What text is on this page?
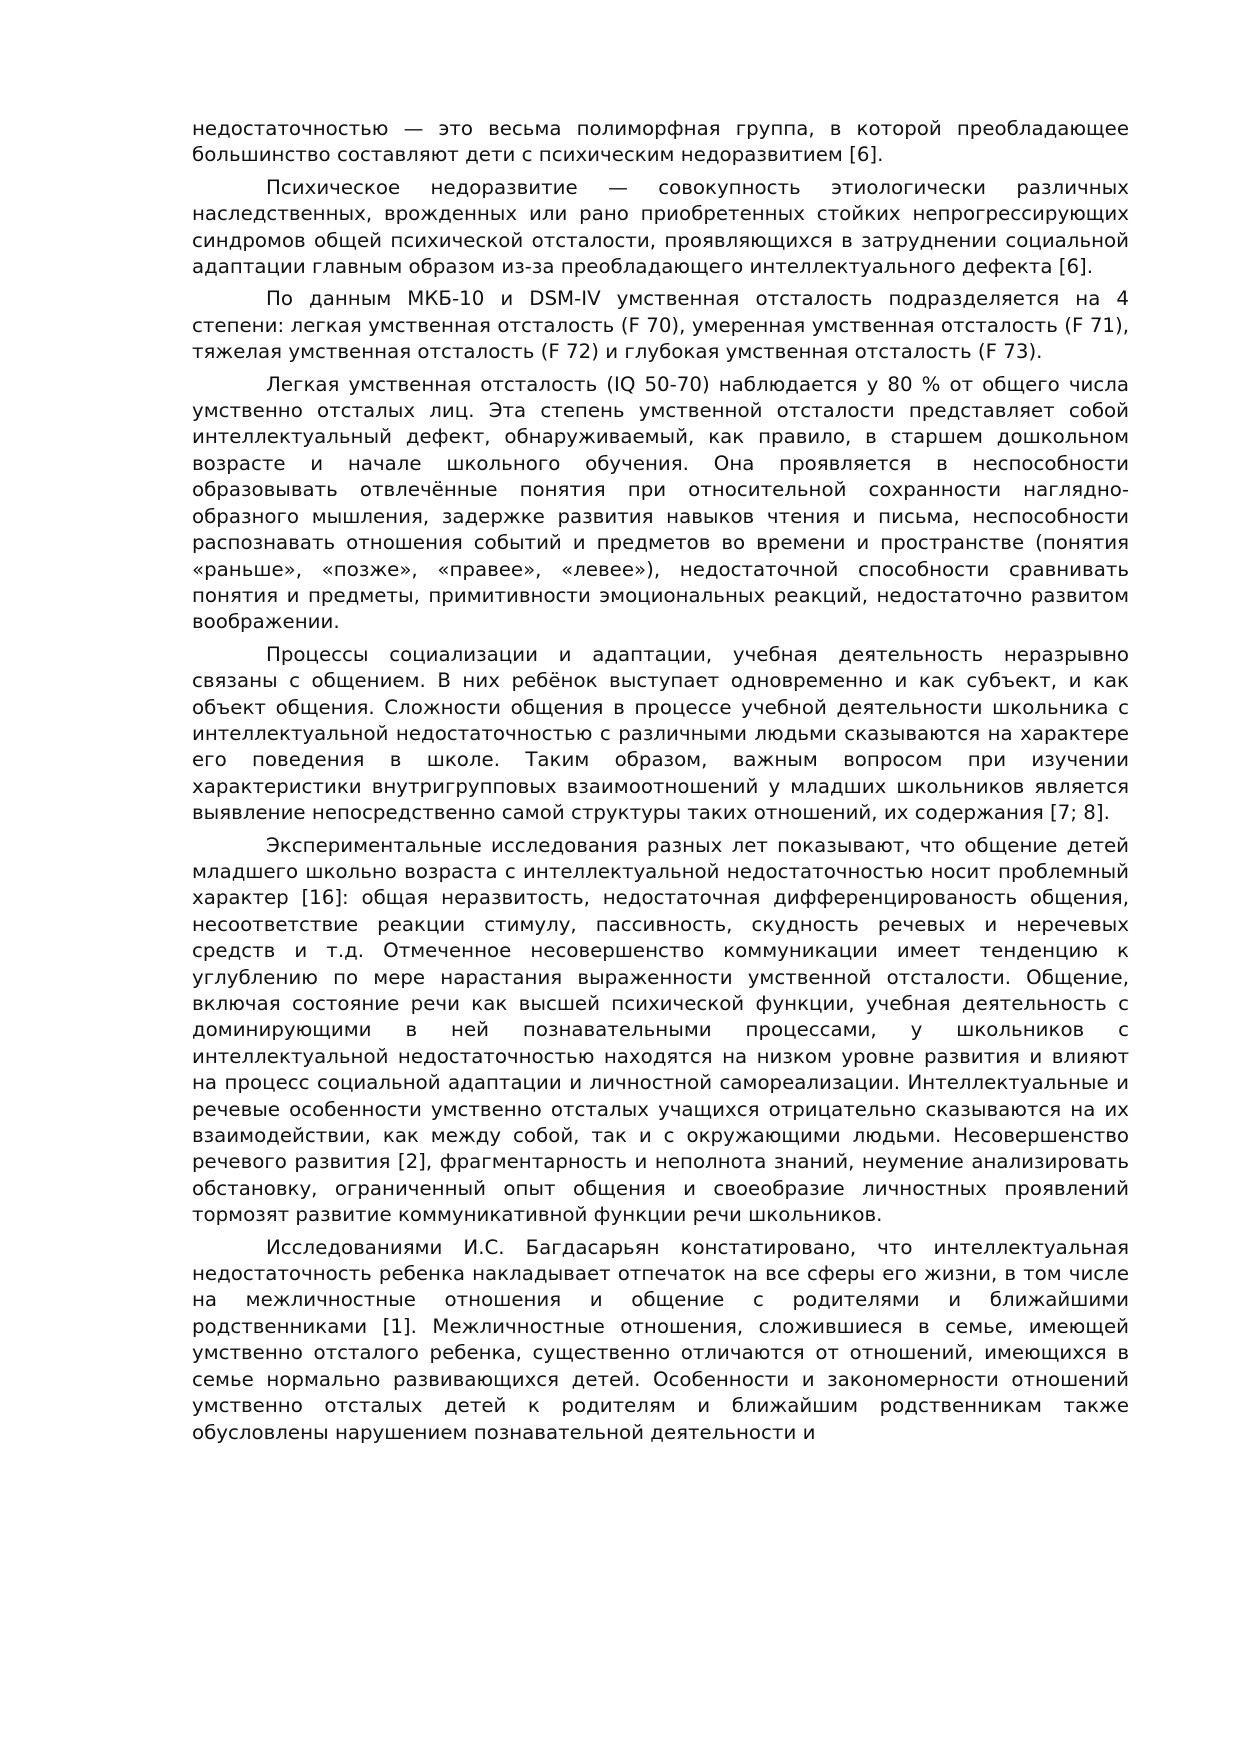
недостаточностью — это весьма полиморфная группа, в которой преобладающее большинство составляют дети с психическим недоразвитием [6].

Психическое недоразвитие — совокупность этиологически различных наследственных, врожденных или рано приобретенных стойких непрогрессирующих синдромов общей психической отсталости, проявляющихся в затруднении социальной адаптации главным образом из-за преобладающего интеллектуального дефекта [6].

По данным МКБ-10 и DSM-IV умственная отсталость подразделяется на 4 степени: легкая умственная отсталость (F 70), умеренная умственная отсталость (F 71), тяжелая умственная отсталость (F 72) и глубокая умственная отсталость (F 73).

Легкая умственная отсталость (IQ 50-70) наблюдается у 80 % от общего числа умственно отсталых лиц. Эта степень умственной отсталости представляет собой интеллектуальный дефект, обнаруживаемый, как правило, в старшем дошкольном возрасте и начале школьного обучения. Она проявляется в неспособности образовывать отвлечённые понятия при относительной сохранности наглядно-образного мышления, задержке развития навыков чтения и письма, неспособности распознавать отношения событий и предметов во времени и пространстве (понятия «раньше», «позже», «правее», «левее»), недостаточной способности сравнивать понятия и предметы, примитивности эмоциональных реакций, недостаточно развитом воображении.

Процессы социализации и адаптации, учебная деятельность неразрывно связаны с общением. В них ребёнок выступает одновременно и как субъект, и как объект общения. Сложности общения в процессе учебной деятельности школьника с интеллектуальной недостаточностью с различными людьми сказываются на характере его поведения в школе. Таким образом, важным вопросом при изучении характеристики внутригрупповых взаимоотношений у младших школьников является выявление непосредственно самой структуры таких отношений, их содержания [7; 8].

Экспериментальные исследования разных лет показывают, что общение детей младшего школьно возраста с интеллектуальной недостаточностью носит проблемный характер [16]: общая неразвитость, недостаточная дифференцированость общения, несоответствие реакции стимулу, пассивность, скудность речевых и неречевых средств и т.д. Отмеченное несовершенство коммуникации имеет тенденцию к углублению по мере нарастания выраженности умственной отсталости. Общение, включая состояние речи как высшей психической функции, учебная деятельность с доминирующими в ней познавательными процессами, у школьников с интеллектуальной недостаточностью находятся на низком уровне развития и влияют на процесс социальной адаптации и личностной самореализации. Интеллектуальные и речевые особенности умственно отсталых учащихся отрицательно сказываются на их взаимодействии, как между собой, так и с окружающими людьми. Несовершенство речевого развития [2], фрагментарность и неполнота знаний, неумение анализировать обстановку, ограниченный опыт общения и своеобразие личностных проявлений тормозят развитие коммуникативной функции речи школьников.

Исследованиями И.С. Багдасарьян констатировано, что интеллектуальная недостаточность ребенка накладывает отпечаток на все сферы его жизни, в том числе на межличностные отношения и общение с родителями и ближайшими родственниками [1]. Межличностные отношения, сложившиеся в семье, имеющей умственно отсталого ребенка, существенно отличаются от отношений, имеющихся в семье нормально развивающихся детей. Особенности и закономерности отношений умственно отсталых детей к родителям и ближайшим родственникам также обусловлены нарушением познавательной деятельности и
